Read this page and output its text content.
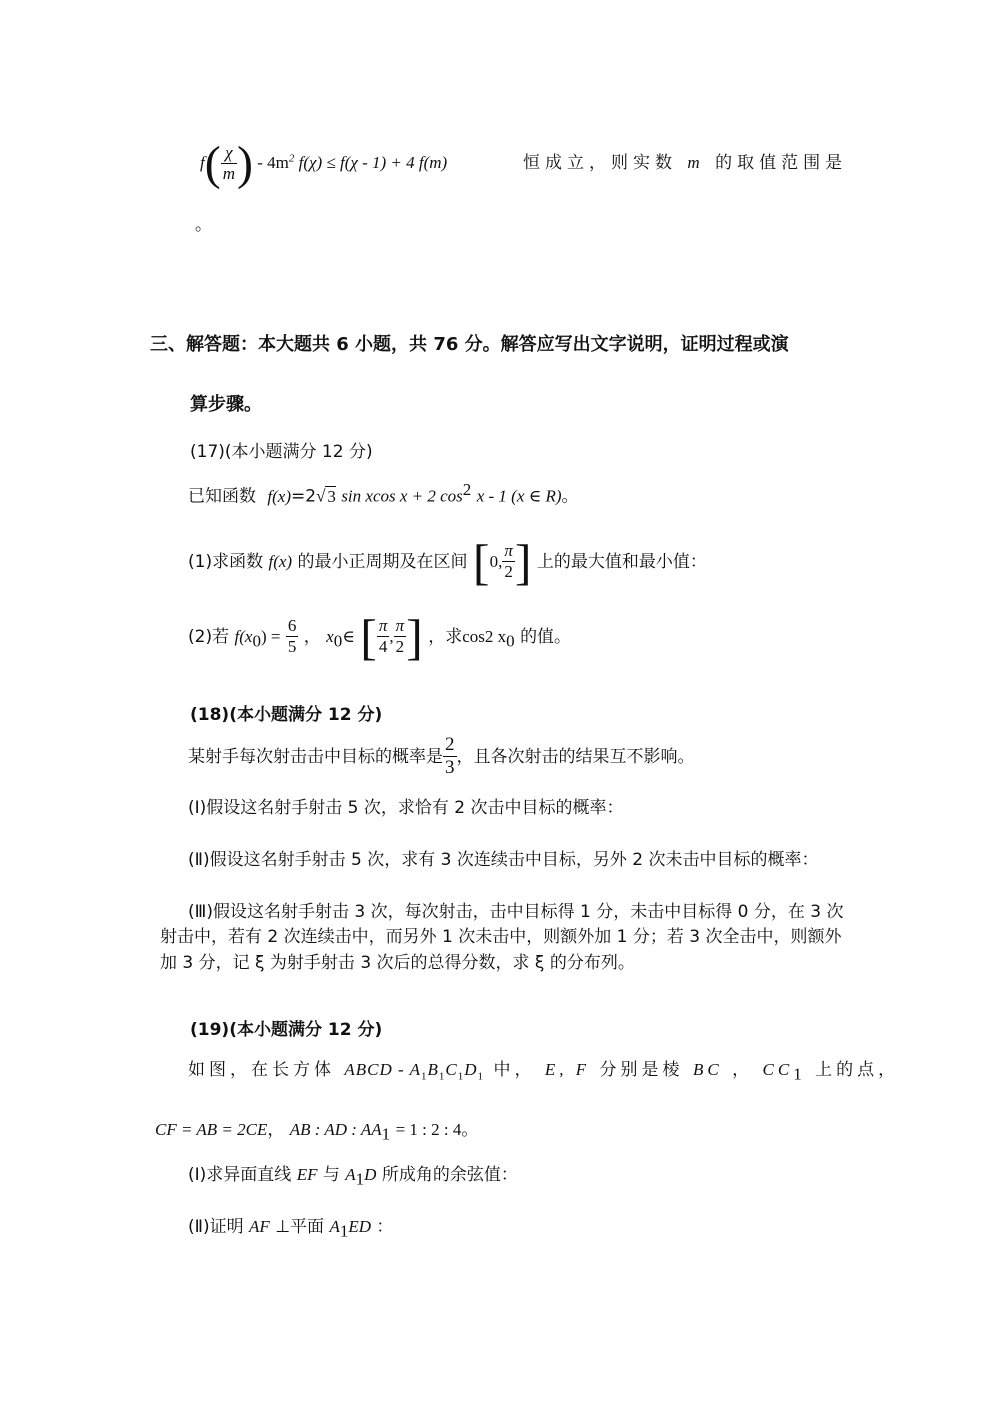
$f( \frac{\chi}{m}$ ) - $4m^2$ f(χ) ≤ f(χ - 1) + 4 f(m)	恒成立，则实数 m 的取值范围是
。
三、解答题：本大题共 6 小题，共 76 分。解答应写出文字说明，证明过程或演
算步骤。
(17)(本小题满分 12 分)
已知函数 f(x)=2√ 3 sin xcos x + 2 $\cos^2 x - 1$ (x ∈ R)。
(1)求函数 f(x) 的最小正周期及在区间 [0, $\frac{\pi}{2}$ ] 上的最大值和最小值：
(2)若 $f(x_0) = \frac{6}{5}$ ， $x_0\in$ [ $\frac{\pi}{4}$ , $\frac{\pi}{2}$ ] ，求cos2 $x_0$ 的值。
(18)(本小题满分 12 分)
某射手每次射击击中目标的概率是 $\frac{2}{3}$ ，且各次射击的结果互不影响。
(Ⅰ)假设这名射手射击 5 次，求恰有 2 次击中目标的概率：
(Ⅱ)假设这名射手射击 5 次，求有 3 次连续击中目标，另外 2 次未击中目标的概率：
(Ⅲ)假设这名射手射击 3 次，每次射击，击中目标得 1 分，未击中目标得 0 分，在 3 次
射击中，若有 2 次连续击中，而另外 1 次未击中，则额外加 1 分；若 3 次全击中，则额外
加 3 分，记 ξ 为射手射击 3 次后的总得分数，求 ξ 的分布列。
(19)(本小题满分 12 分)
如图，在长方体 ABCD - $A_1B_1C_1D_1$ 中， E, F 分别是棱 BC ， $CC_1$ 上的点，
CF = AB = 2CE， AB : AD : $AA_1 = 1$ : 2 : 4。
(Ⅰ)求异面直线 EF 与 $A_1D$ 所成角的余弦值：
(Ⅱ)证明 AF ⊥平面 $A_1ED$ ：
